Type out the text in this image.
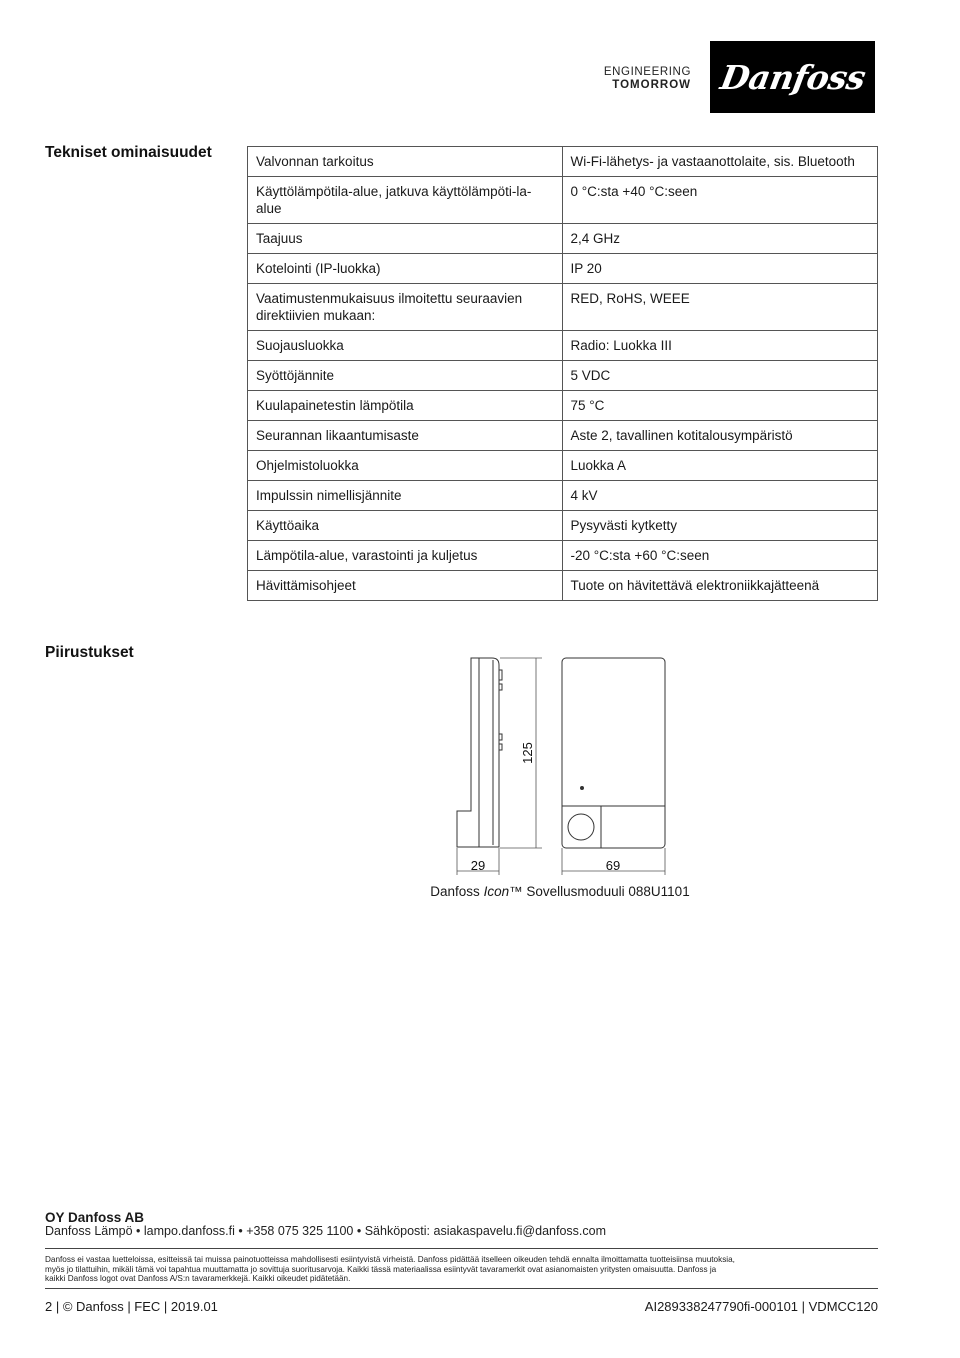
ENGINEERING
TOMORROW Danfoss
Tekniset ominaisuudet
Valvonnan tarkoitus	Wi-Fi-lähetys- ja vastaanottolaite, sis. Bluetooth
Käyttölämpötila-alue, jatkuva käyttölämpöti-la-alue	0 °C:sta +40 °C:seen
Taajuus	2,4 GHz
Kotelointi (IP-luokka)	IP 20
Vaatimustenmukaisuus ilmoitettu seuraavien direktiivien mukaan:	RED, RoHS, WEEE
Suojausluokka	Radio: Luokka III
Syöttöjännite	5 VDC
Kuulapainetestin lämpötila	75 °C
Seurannan likaantumisaste	Aste 2, tavallinen kotitalousympäristö
Ohjelmistoluokka	Luokka A
Impulssin nimellisjännite	4 kV
Käyttöaika	Pysyvästi kytketty
Lämpötila-alue, varastointi ja kuljetus	-20 °C:sta +60 °C:seen
Hävittämisohjeet	Tuote on hävitettävä elektroniikkajätteenä
Piirustukset
125
29	69
Danfoss Icon™ Sovellusmoduuli 088U1101
OY Danfoss AB
Danfoss Lämpö • lampo.danfoss.fi • +358 075 325 1100 • Sähköposti: asiakaspavelu.fi@danfoss.com
Danfoss ei vastaa luetteloissa, esitteissä tai muissa painotuotteissa mahdollisesti esiintyvistä virheistä. Danfoss pidättää itselleen oikeuden tehdä ennalta ilmoittamatta tuotteisiinsa muutoksia,
myös jo tilattuihin, mikäli tämä voi tapahtua muuttamatta jo sovittuja suoritusarvoja. Kaikki tässä materiaalissa esiintyvät tavaramerkit ovat asianomaisten yritysten omaisuutta. Danfoss ja
kaikki Danfoss logot ovat Danfoss A/S:n tavaramerkkejä. Kaikki oikeudet pidätetään.
2 | © Danfoss | FEC | 2019.01	AI289338247790fi-000101 | VDMCC120
